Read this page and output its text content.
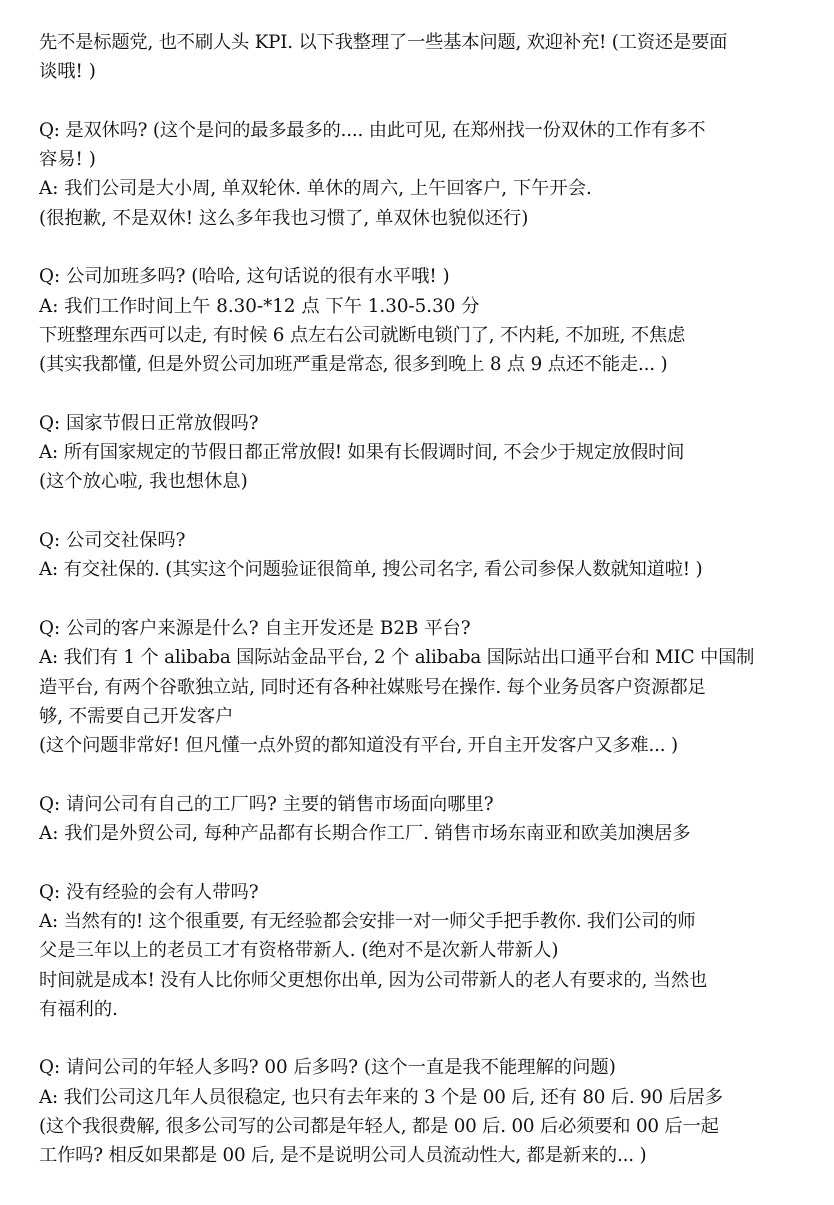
先不是标题党, 也不刷人头 KPI. 以下我整理了一些基本问题, 欢迎补充! (工资还是要面
谈哦! )
Q: 是双休吗? (这个是问的最多最多的.... 由此可见, 在郑州找一份双休的工作有多不
容易! )
A: 我们公司是大小周, 单双轮休. 单休的周六, 上午回客户, 下午开会.
(很抱歉, 不是双休! 这么多年我也习惯了, 单双休也貌似还行)
Q: 公司加班多吗? (哈哈, 这句话说的很有水平哦! )
A: 我们工作时间上午 8.30-*12 点 下午 1.30-5.30 分
下班整理东西可以走, 有时候 6 点左右公司就断电锁门了, 不内耗, 不加班, 不焦虑
(其实我都懂, 但是外贸公司加班严重是常态, 很多到晚上 8 点 9 点还不能走... )
Q: 国家节假日正常放假吗?
A: 所有国家规定的节假日都正常放假! 如果有长假调时间, 不会少于规定放假时间
(这个放心啦, 我也想休息)
Q: 公司交社保吗?
A: 有交社保的. (其实这个问题验证很简单, 搜公司名字, 看公司参保人数就知道啦! )
Q: 公司的客户来源是什么? 自主开发还是 B2B 平台?
A: 我们有 1 个 alibaba 国际站金品平台, 2 个 alibaba 国际站出口通平台和 MIC 中国制
造平台, 有两个谷歌独立站, 同时还有各种社媒账号在操作. 每个业务员客户资源都足
够, 不需要自己开发客户
(这个问题非常好! 但凡懂一点外贸的都知道没有平台, 开自主开发客户又多难... )
Q: 请问公司有自己的工厂吗? 主要的销售市场面向哪里?
A: 我们是外贸公司, 每种产品都有长期合作工厂. 销售市场东南亚和欧美加澳居多
Q: 没有经验的会有人带吗?
A: 当然有的! 这个很重要, 有无经验都会安排一对一师父手把手教你. 我们公司的师
父是三年以上的老员工才有资格带新人. (绝对不是次新人带新人)
时间就是成本! 没有人比你师父更想你出单, 因为公司带新人的老人有要求的, 当然也
有福利的.
Q: 请问公司的年轻人多吗? 00 后多吗? (这个一直是我不能理解的问题)
A: 我们公司这几年人员很稳定, 也只有去年来的 3 个是 00 后, 还有 80 后. 90 后居多
(这个我很费解, 很多公司写的公司都是年轻人, 都是 00 后. 00 后必须要和 00 后一起
工作吗? 相反如果都是 00 后, 是不是说明公司人员流动性大, 都是新来的... )
